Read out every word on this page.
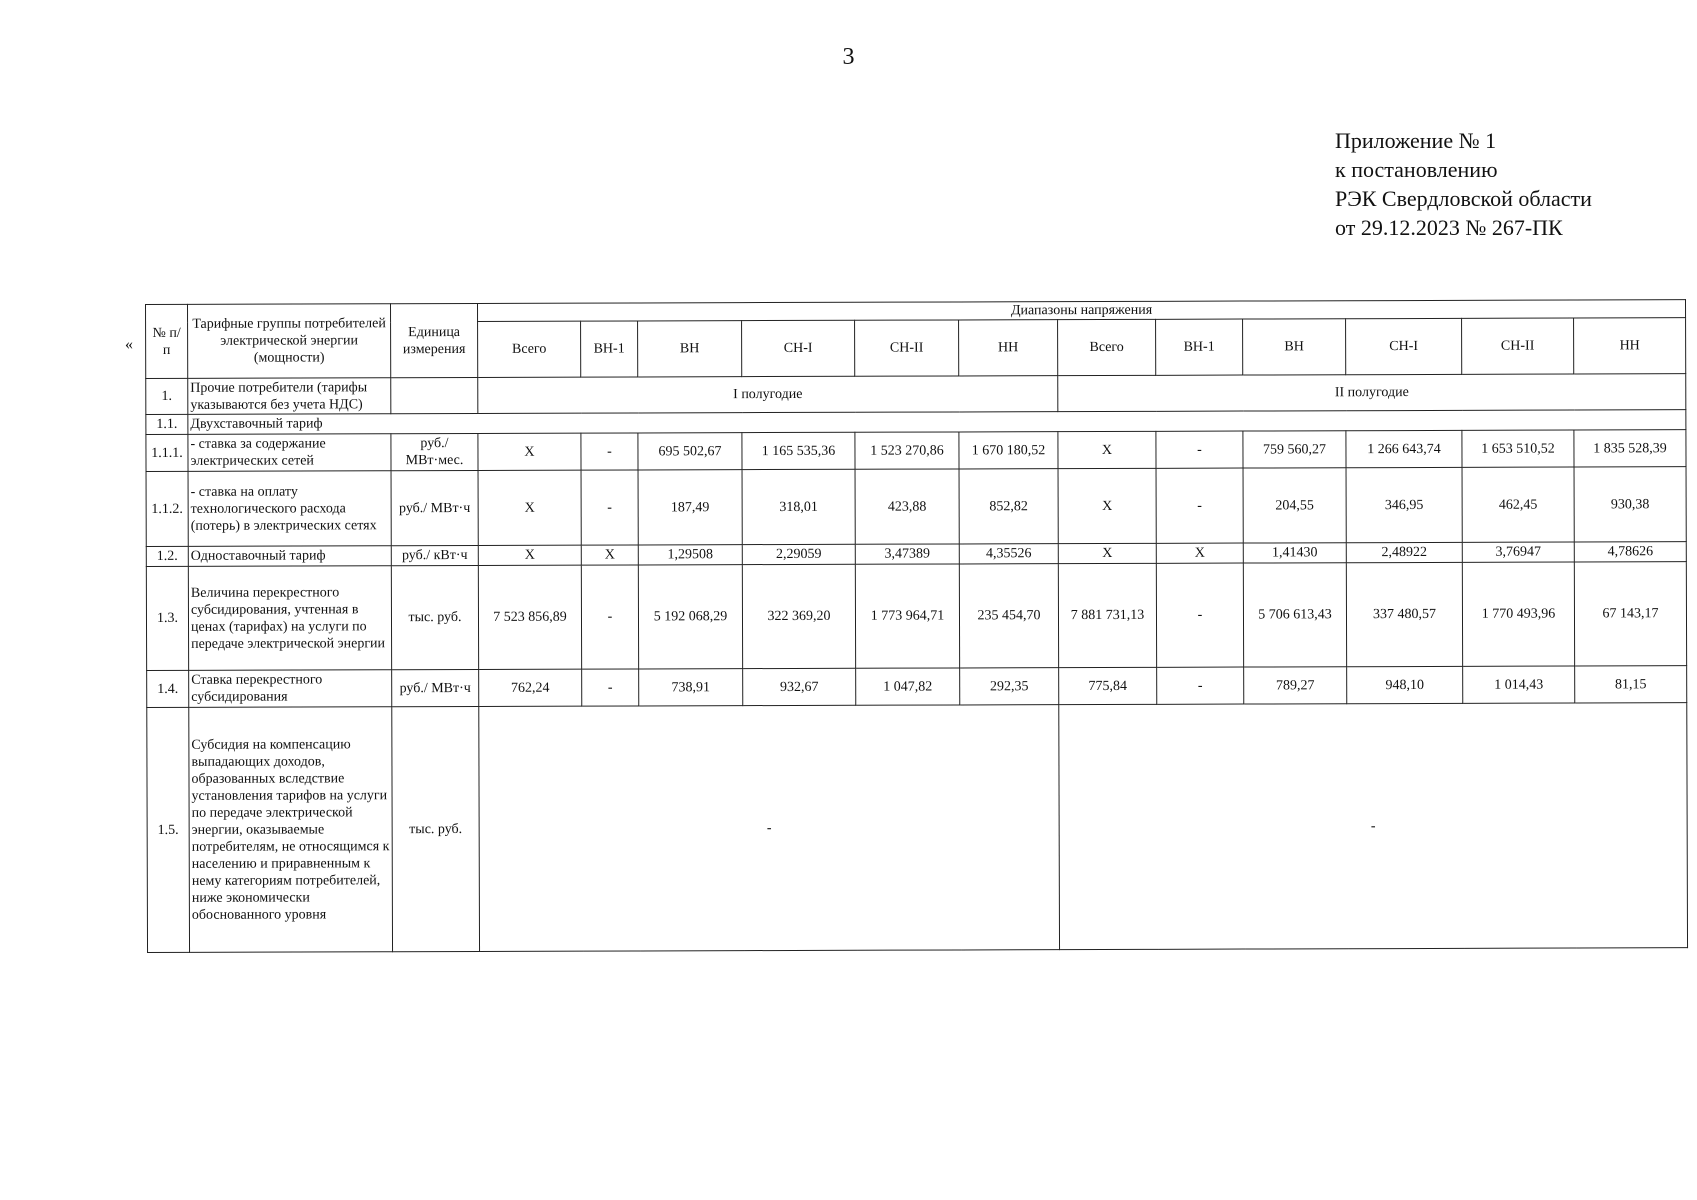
3
Приложение № 1
к постановлению
РЭК Свердловской области
от 29.12.2023 № 267-ПК
«
№ п/п	Тарифные группы потребителей электрической энергии (мощности)	Единица измерения	Диапазоны напряжения											
			Всего	ВН-1	ВН	СН-I	СН-II	НН	Всего	ВН-1	ВН	СН-I	СН-II	НН
1.	Прочие потребители (тарифы указываются без учета НДС)		I полугодие						II полугодие					
1.1.	Двухставочный тариф													
1.1.1.	- ставка за содержание электрических сетей	руб./ МВт·мес.	X	-	695 502,67	1 165 535,36	1 523 270,86	1 670 180,52	X	-	759 560,27	1 266 643,74	1 653 510,52	1 835 528,39
1.1.2.	- ставка на оплату технологического расхода (потерь) в электрических сетях	руб./ МВт·ч	X	-	187,49	318,01	423,88	852,82	X	-	204,55	346,95	462,45	930,38
1.2.	Одноставочный тариф	руб./ кВт·ч	X	X	1,29508	2,29059	3,47389	4,35526	X	X	1,41430	2,48922	3,76947	4,78626
1.3.	Величина перекрестного субсидирования, учтенная в ценах (тарифах) на услуги по передаче электрической энергии	тыс. руб.	7 523 856,89	-	5 192 068,29	322 369,20	1 773 964,71	235 454,70	7 881 731,13	-	5 706 613,43	337 480,57	1 770 493,96	67 143,17
1.4.	Ставка перекрестного субсидирования	руб./ МВт·ч	762,24	-	738,91	932,67	1 047,82	292,35	775,84	-	789,27	948,10	1 014,43	81,15
1.5.	Субсидия на компенсацию выпадающих доходов, образованных вследствие установления тарифов на услуги по передаче электрической энергии, оказываемые потребителям, не относящимся к населению и приравненным к нему категориям потребителей, ниже экономически обоснованного уровня	тыс. руб.	-						-					
